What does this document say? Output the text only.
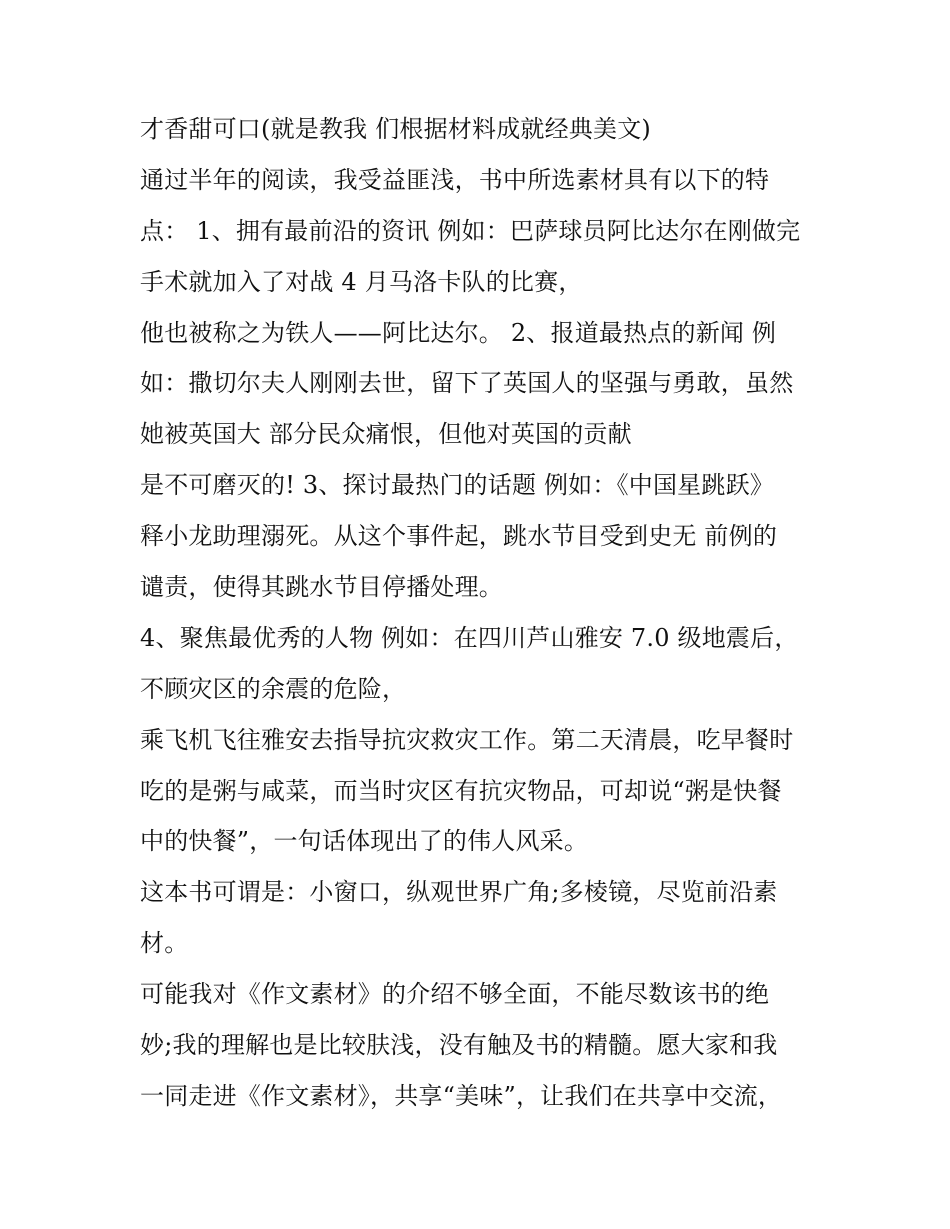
才香甜可口(就是教我 们根据材料成就经典美文)
通过半年的阅读，我受益匪浅，书中所选素材具有以下的特
点： 1、拥有最前沿的资讯 例如：巴萨球员阿比达尔在刚做完
手术就加入了对战 4 月马洛卡队的比赛，
他也被称之为铁人——阿比达尔。 2、报道最热点的新闻 例
如：撒切尔夫人刚刚去世，留下了英国人的坚强与勇敢，虽然
她被英国大 部分民众痛恨，但他对英国的贡献
是不可磨灭的! 3、探讨最热门的话题 例如：《中国星跳跃》
释小龙助理溺死。从这个事件起，跳水节目受到史无 前例的
谴责，使得其跳水节目停播处理。
4、聚焦最优秀的人物 例如：在四川芦山雅安 7.0 级地震后，
不顾灾区的余震的危险，
乘飞机飞往雅安去指导抗灾救灾工作。第二天清晨，吃早餐时
吃的是粥与咸菜，而当时灾区有抗灾物品，可却说“粥是快餐
中的快餐”，一句话体现出了的伟人风采。
这本书可谓是：小窗口，纵观世界广角;多棱镜，尽览前沿素
材。
可能我对《作文素材》的介绍不够全面，不能尽数该书的绝
妙;我的理解也是比较肤浅，没有触及书的精髓。愿大家和我
一同走进《作文素材》，共享“美味”，让我们在共享中交流，
